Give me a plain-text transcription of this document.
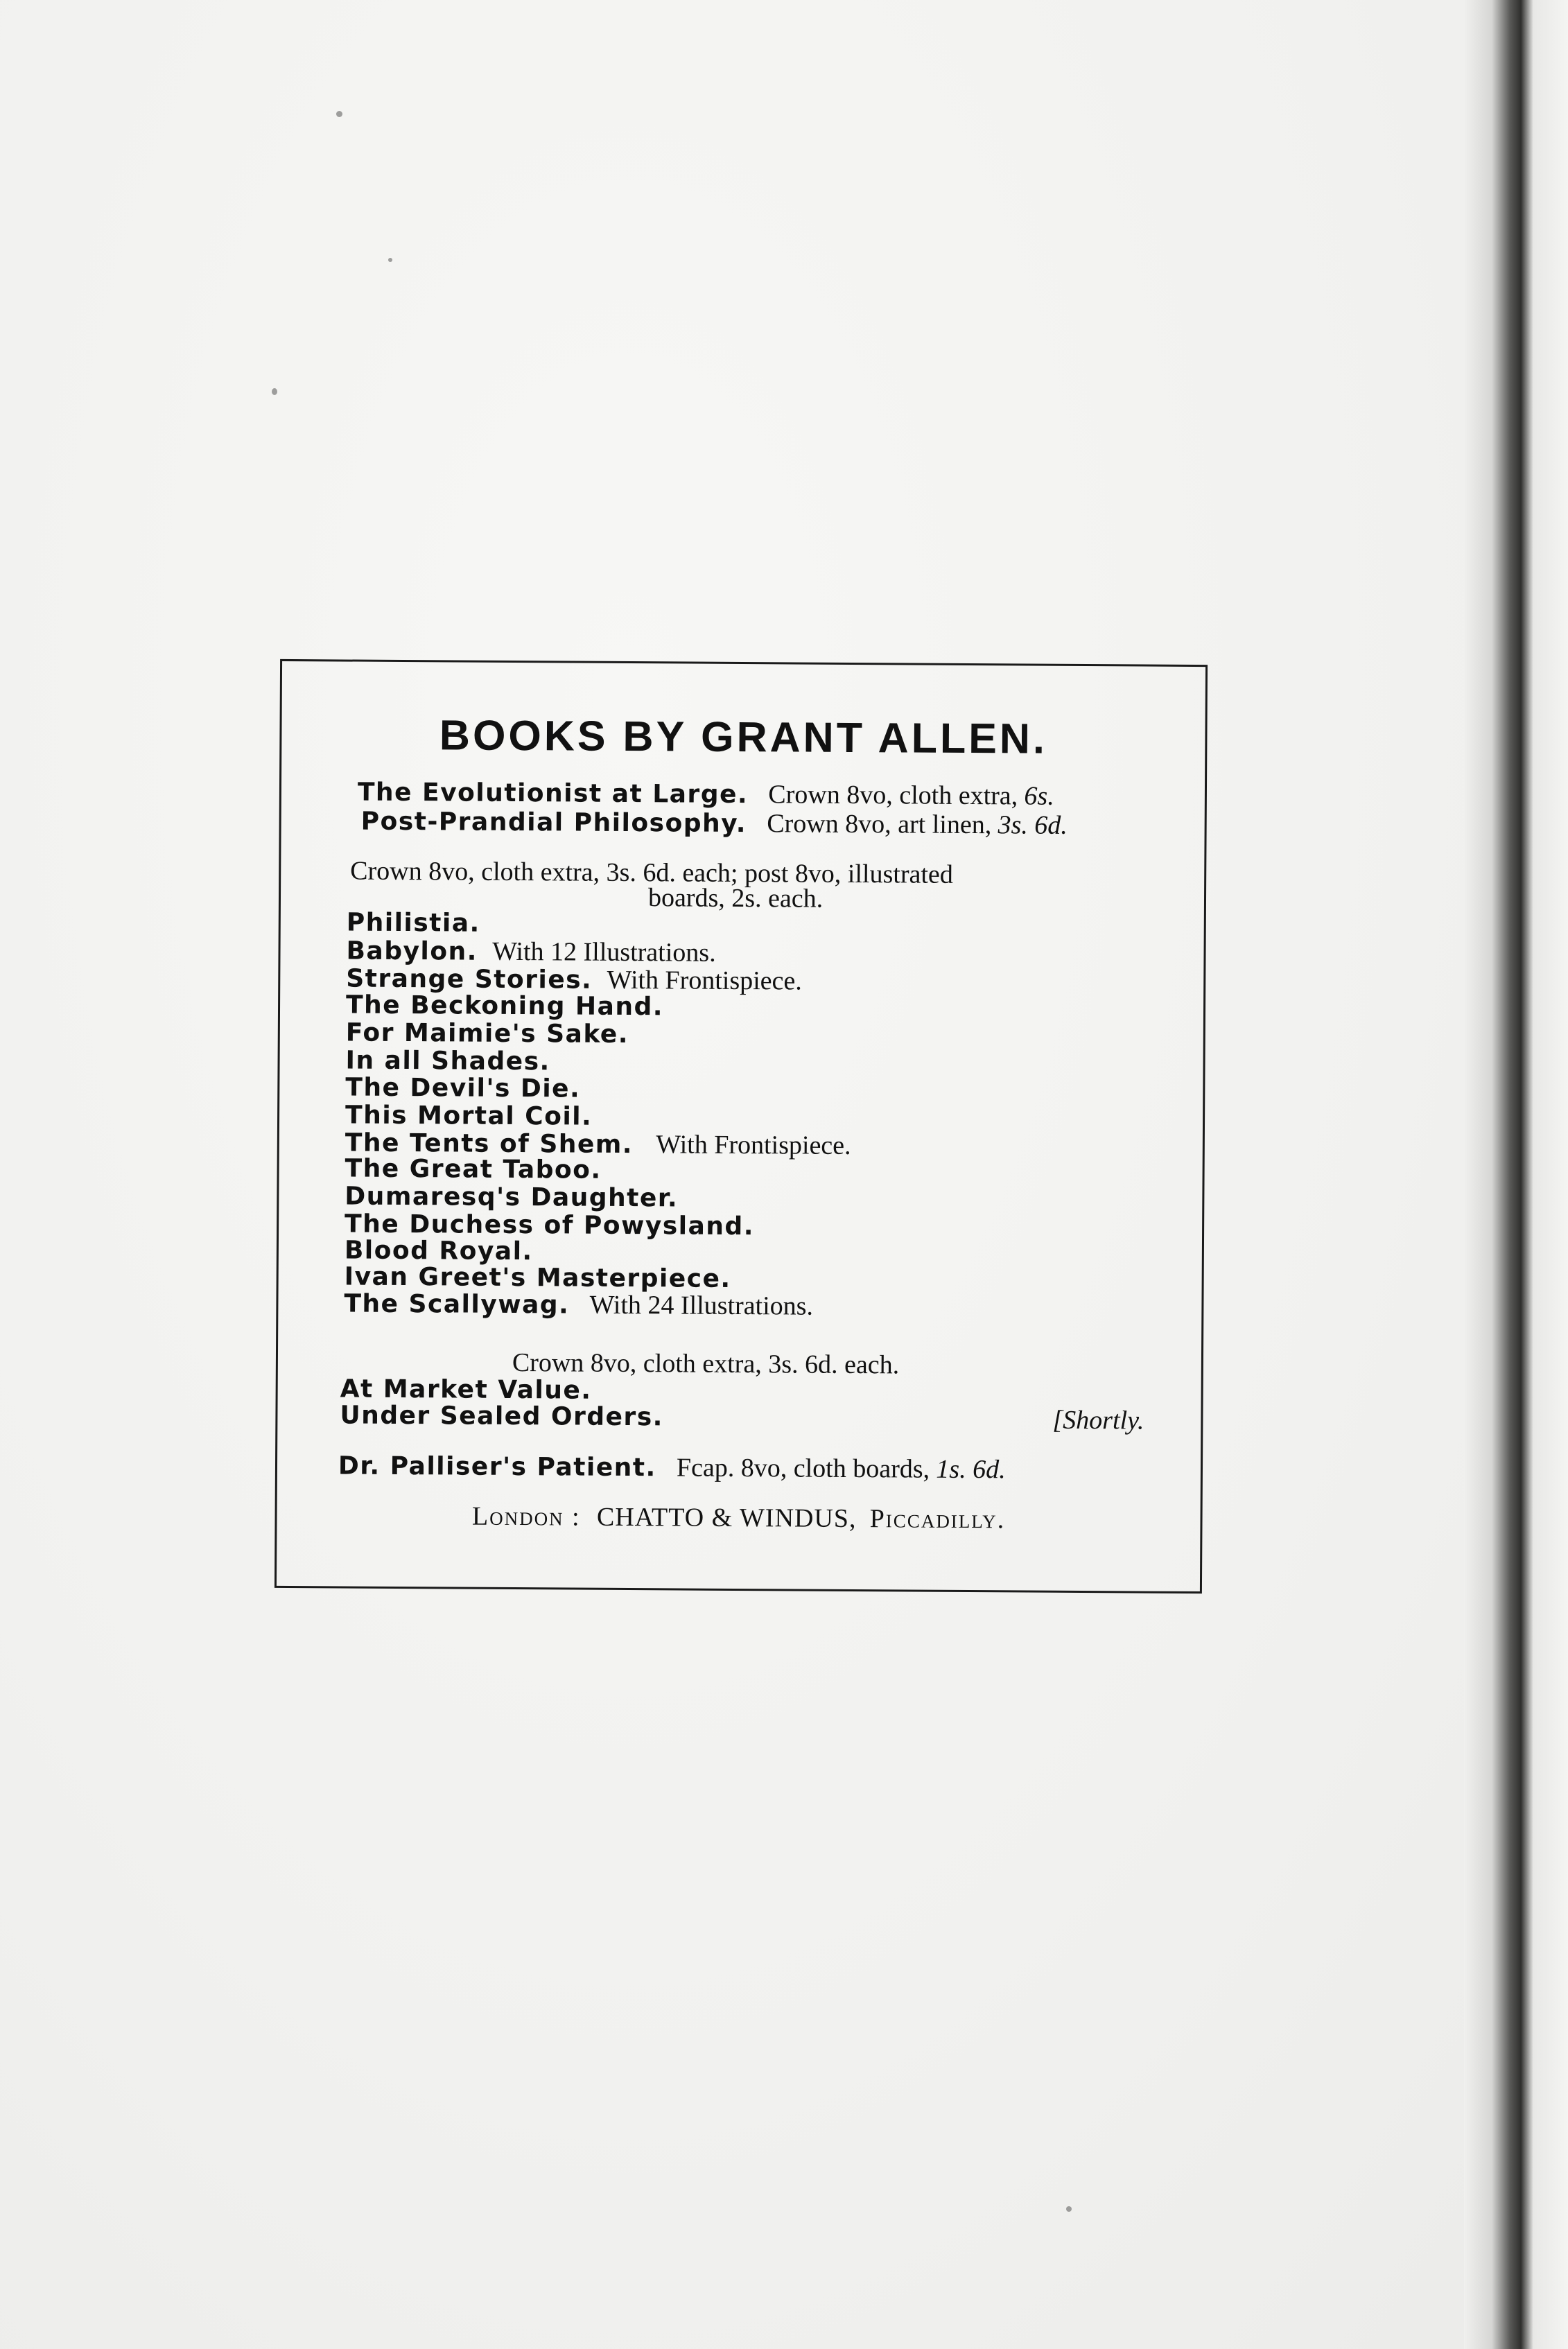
BOOKS BY GRANT ALLEN.
The Evolutionist at Large. Crown 8vo, cloth extra, 6s.
Post-Prandial Philosophy. Crown 8vo, art linen, 3s. 6d.
Crown 8vo, cloth extra, 3s. 6d. each; post 8vo, illustrated
boards, 2s. each.
Philistia.
Babylon. With 12 Illustrations.
Strange Stories. With Frontispiece.
The Beckoning Hand.
For Maimie's Sake.
In all Shades.
The Devil's Die.
This Mortal Coil.
The Tents of Shem. With Frontispiece.
The Great Taboo.
Dumaresq's Daughter.
The Duchess of Powysland.
Blood Royal.
Ivan Greet's Masterpiece.
The Scallywag. With 24 Illustrations.
Crown 8vo, cloth extra, 3s. 6d. each.
At Market Value.
Under Sealed Orders.	[Shortly.
Dr. Palliser's Patient. Fcap. 8vo, cloth boards, 1s. 6d.
London : CHATTO & WINDUS, Piccadilly.
